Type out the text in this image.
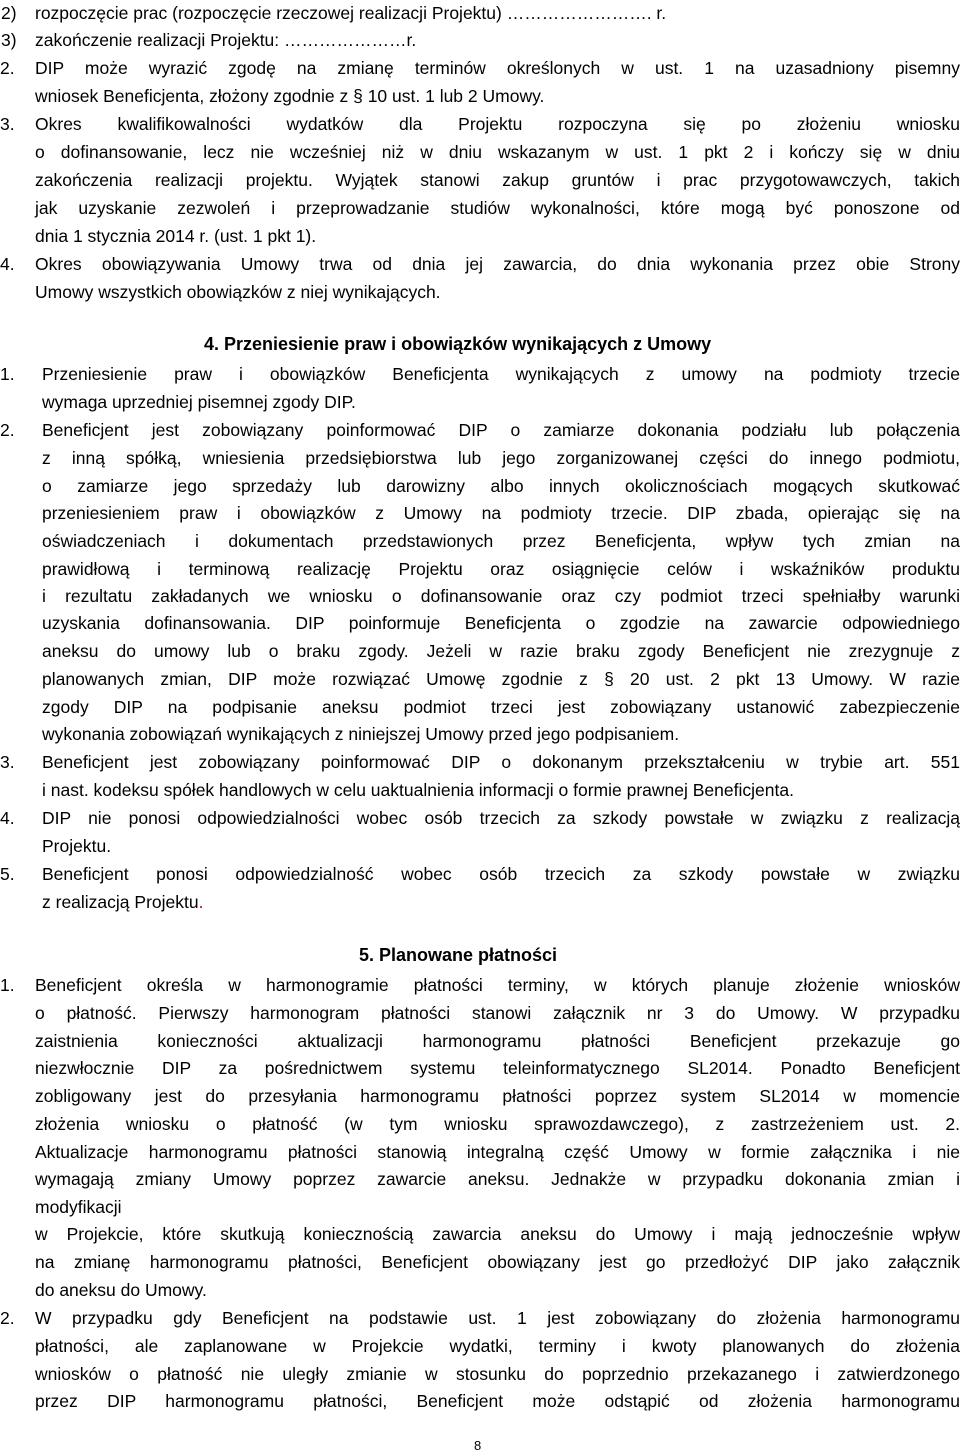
2) rozpoczęcie prac (rozpoczęcie rzeczowej realizacji Projektu) ……………………. r.
3) zakończenie realizacji Projektu: …………………r.
2. DIP może wyrazić zgodę na zmianę terminów określonych w ust. 1 na uzasadniony pisemny
wniosek Beneficjenta, złożony zgodnie z § 10 ust. 1 lub 2 Umowy.
3. Okres kwalifikowalności wydatków dla Projektu rozpoczyna się po złożeniu wniosku
o dofinansowanie, lecz nie wcześniej niż w dniu wskazanym w ust. 1 pkt 2 i kończy się w dniu
zakończenia realizacji projektu. Wyjątek stanowi zakup gruntów i prac przygotowawczych, takich
jak uzyskanie zezwoleń i przeprowadzanie studiów wykonalności, które mogą być ponoszone od
dnia 1 stycznia 2014 r. (ust. 1 pkt 1).
4. Okres obowiązywania Umowy trwa od dnia jej zawarcia, do dnia wykonania przez obie Strony
Umowy wszystkich obowiązków z niej wynikających.
4. Przeniesienie praw i obowiązków wynikających z Umowy
1. Przeniesienie praw i obowiązków Beneficjenta wynikających z umowy na podmioty trzecie
wymaga uprzedniej pisemnej zgody DIP.
2. Beneficjent jest zobowiązany poinformować DIP o zamiarze dokonania podziału lub połączenia
z inną spółką, wniesienia przedsiębiorstwa lub jego zorganizowanej części do innego podmiotu,
o zamiarze jego sprzedaży lub darowizny albo innych okolicznościach mogących skutkować
przeniesieniem praw i obowiązków z Umowy na podmioty trzecie. DIP zbada, opierając się na
oświadczeniach i dokumentach przedstawionych przez Beneficjenta, wpływ tych zmian na
prawidłową i terminową realizację Projektu oraz osiągnięcie celów i wskaźników produktu
i rezultatu zakładanych we wniosku o dofinansowanie oraz czy podmiot trzeci spełniałby warunki
uzyskania dofinansowania. DIP poinformuje Beneficjenta o zgodzie na zawarcie odpowiedniego
aneksu do umowy lub o braku zgody. Jeżeli w razie braku zgody Beneficjent nie zrezygnuje z
planowanych zmian, DIP może rozwiązać Umowę zgodnie z § 20 ust. 2 pkt 13 Umowy. W razie
zgody DIP na podpisanie aneksu podmiot trzeci jest zobowiązany ustanowić zabezpieczenie
wykonania zobowiązań wynikających z niniejszej Umowy przed jego podpisaniem.
3. Beneficjent jest zobowiązany poinformować DIP o dokonanym przekształceniu w trybie art. 551
i nast. kodeksu spółek handlowych w celu uaktualnienia informacji o formie prawnej Beneficjenta.
4. DIP nie ponosi odpowiedzialności wobec osób trzecich za szkody powstałe w związku z realizacją
Projektu.
5. Beneficjent ponosi odpowiedzialność wobec osób trzecich za szkody powstałe w związku
z realizacją Projektu.
5. Planowane płatności
1. Beneficjent określa w harmonogramie płatności terminy, w których planuje złożenie wniosków
o płatność. Pierwszy harmonogram płatności stanowi załącznik nr 3 do Umowy. W przypadku
zaistnienia konieczności aktualizacji harmonogramu płatności Beneficjent przekazuje go
niezwłocznie DIP za pośrednictwem systemu teleinformatycznego SL2014. Ponadto Beneficjent
zobligowany jest do przesyłania harmonogramu płatności poprzez system SL2014 w momencie
złożenia wniosku o płatność (w tym wniosku sprawozdawczego), z zastrzeżeniem ust. 2.
Aktualizacje harmonogramu płatności stanowią integralną część Umowy w formie załącznika i nie
wymagają zmiany Umowy poprzez zawarcie aneksu. Jednakże w przypadku dokonania zmian i
modyfikacji
w Projekcie, które skutkują koniecznością zawarcia aneksu do Umowy i mają jednocześnie wpływ
na zmianę harmonogramu płatności, Beneficjent obowiązany jest go przedłożyć DIP jako załącznik
do aneksu do Umowy.
2. W przypadku gdy Beneficjent na podstawie ust. 1 jest zobowiązany do złożenia harmonogramu
płatności, ale zaplanowane w Projekcie wydatki, terminy i kwoty planowanych do złożenia
wniosków o płatność nie uległy zmianie w stosunku do poprzednio przekazanego i zatwierdzonego
przez DIP harmonogramu płatności, Beneficjent może odstąpić od złożenia harmonogramu
8
